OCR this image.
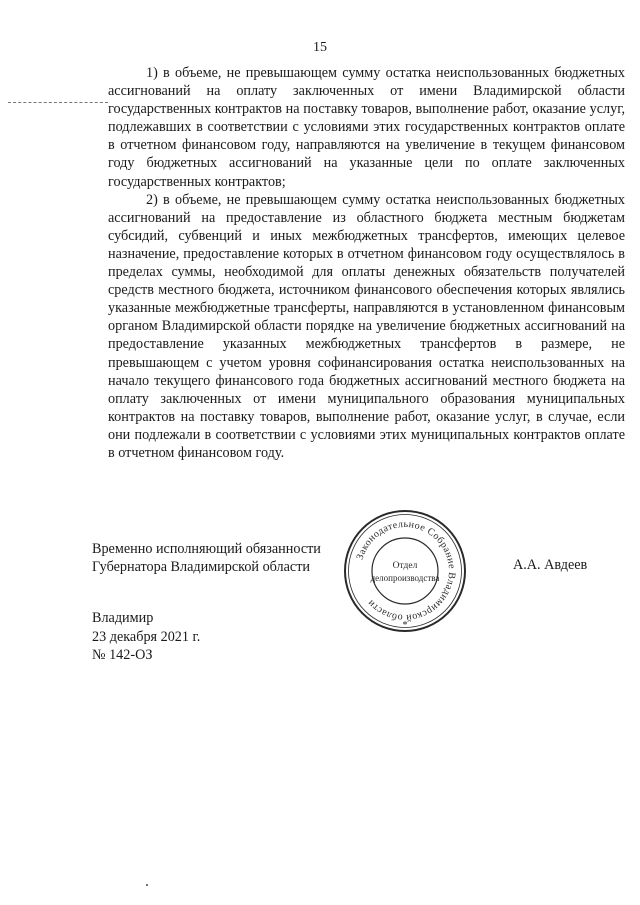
15

1) в объеме, не превышающем сумму остатка неиспользованных бюджетных ассигнований на оплату заключенных от имени Владимирской области государственных контрактов на поставку товаров, выполнение работ, оказание услуг, подлежавших в соответствии с условиями этих государственных контрактов оплате в отчетном финансовом году, направляются на увеличение в текущем финансовом году бюджетных ассигнований на указанные цели по оплате заключенных государственных контрактов;

2) в объеме, не превышающем сумму остатка неиспользованных бюджетных ассигнований на предоставление из областного бюджета местным бюджетам субсидий, субвенций и иных межбюджетных трансфертов, имеющих целевое назначение, предоставление которых в отчетном финансовом году осуществлялось в пределах суммы, необходимой для оплаты денежных обязательств получателей средств местного бюджета, источником финансового обеспечения которых являлись указанные межбюджетные трансферты, направляются в установленном финансовым органом Владимирской области порядке на увеличение бюджетных ассигнований на предоставление указанных межбюджетных трансфертов в размере, не превышающем с учетом уровня софинансирования остатка неиспользованных на начало текущего финансового года бюджетных ассигнований местного бюджета на оплату заключенных от имени муниципального образования муниципальных контрактов на поставку товаров, выполнение работ, оказание услуг, в случае, если они подлежали в соответствии с условиями этих муниципальных контрактов оплате в отчетном финансовом году.

Временно исполняющий обязанности
Губернатора Владимирской области
Законодательное Собрание Владимирской области
Отдел
делопроизводства
*
А.А. Авдеев
Владимир
23 декабря 2021 г.
№ 142-ОЗ
